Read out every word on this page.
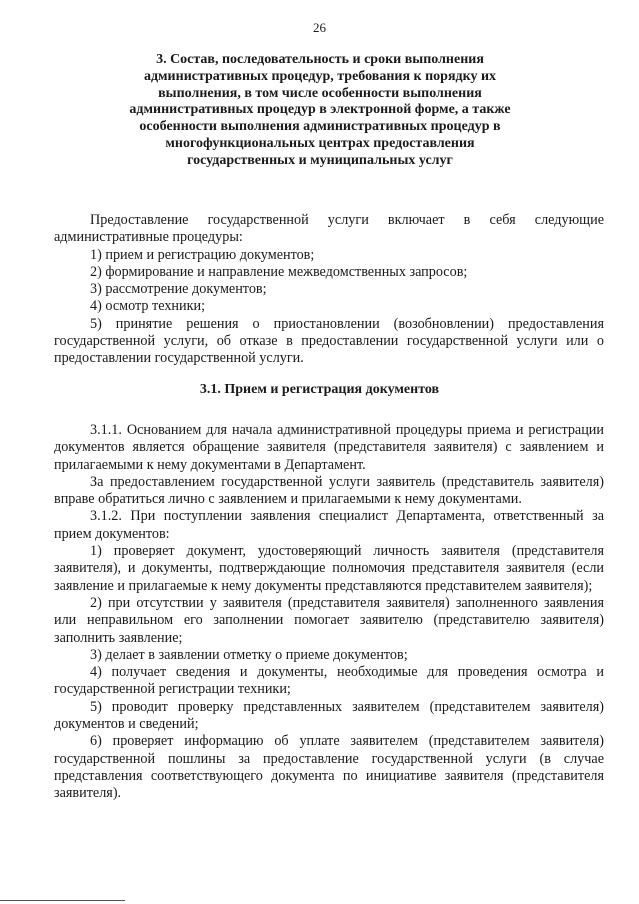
26
3. Состав, последовательность и сроки выполнения административных процедур, требования к порядку их выполнения, в том числе особенности выполнения административных процедур в электронной форме, а также особенности выполнения административных процедур в многофункциональных центрах предоставления государственных и муниципальных услуг

Предоставление государственной услуги включает в себя следующие административные процедуры:

1) прием и регистрацию документов;

2) формирование и направление межведомственных запросов;

3) рассмотрение документов;

4) осмотр техники;

5) принятие решения о приостановлении (возобновлении) предоставления государственной услуги, об отказе в предоставлении государственной услуги или о предоставлении государственной услуги.

3.1. Прием и регистрация документов

3.1.1. Основанием для начала административной процедуры приема и регистрации документов является обращение заявителя (представителя заявителя) с заявлением и прилагаемыми к нему документами в Департамент.

За предоставлением государственной услуги заявитель (представитель заявителя) вправе обратиться лично с заявлением и прилагаемыми к нему документами.

3.1.2. При поступлении заявления специалист Департамента, ответственный за прием документов:

1) проверяет документ, удостоверяющий личность заявителя (представителя заявителя), и документы, подтверждающие полномочия представителя заявителя (если заявление и прилагаемые к нему документы представляются представителем заявителя);

2) при отсутствии у заявителя (представителя заявителя) заполненного заявления или неправильном его заполнении помогает заявителю (представителю заявителя) заполнить заявление;

3) делает в заявлении отметку о приеме документов;

4) получает сведения и документы, необходимые для проведения осмотра и государственной регистрации техники;

5) проводит проверку представленных заявителем (представителем заявителя) документов и сведений;

6) проверяет информацию об уплате заявителем (представителем заявителя) государственной пошлины за предоставление государственной услуги (в случае представления соответствующего документа по инициативе заявителя (представителя заявителя).
